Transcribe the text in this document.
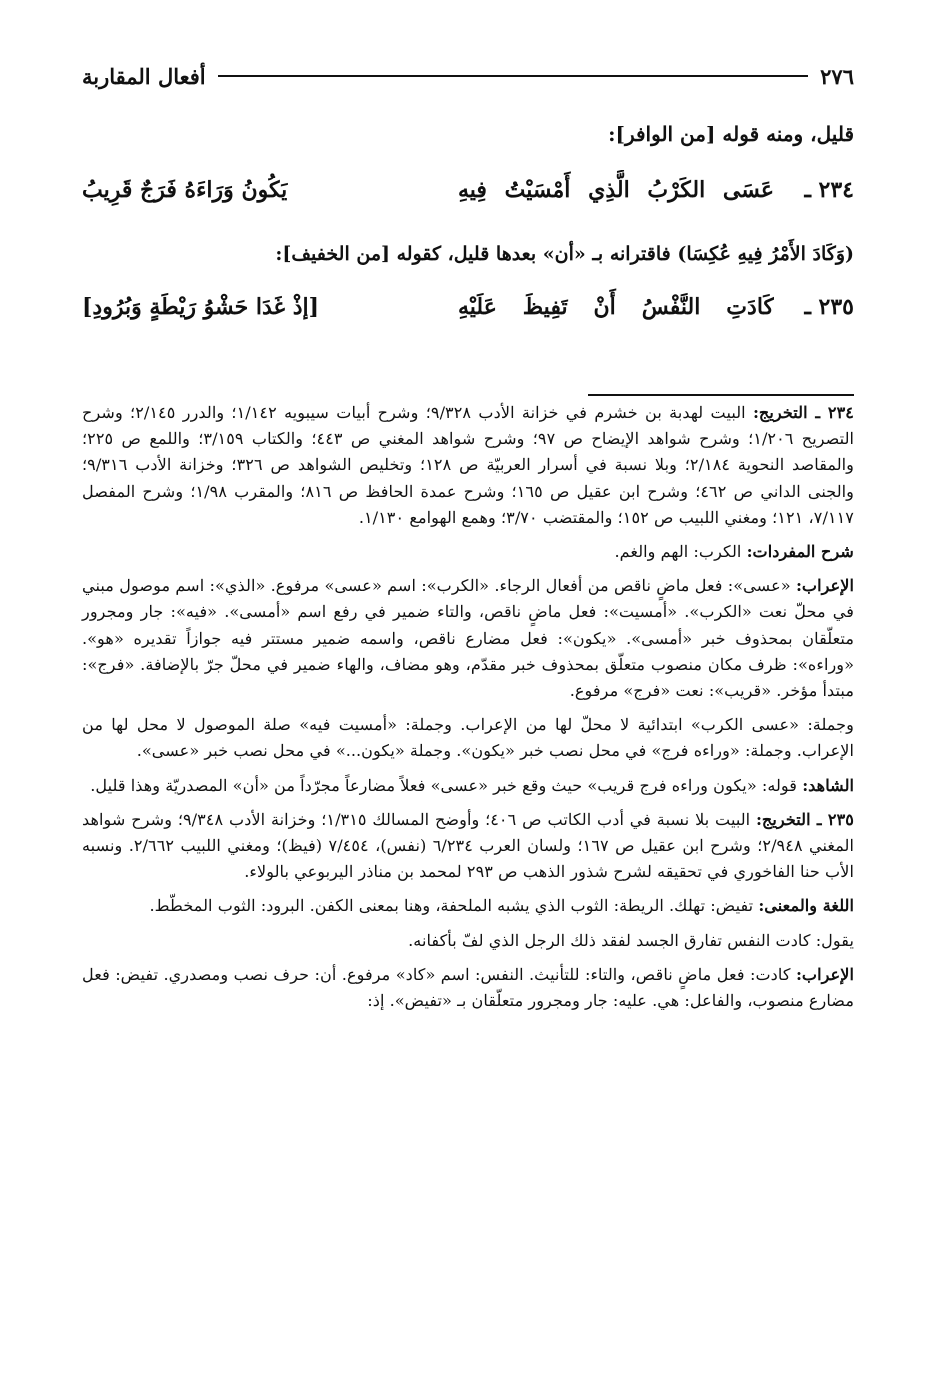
٢٧٦
أفعال المقاربة
قليل، ومنه قوله [من الوافر]:
٢٣٤ ـ
عَسَى الكَرْبُ الَّذِي أَمْسَيْتُ فِيهِ
يَكُونُ وَرَاءَهُ فَرَجٌ قَرِيبُ
(وَكَادَ الأَمْرُ فِيهِ عُكِسَا) فاقترانه بـ «أن» بعدها قليل، كقوله [من الخفيف]:
٢٣٥ ـ
كَادَتِ النَّفْسُ أَنْ تَفِيظَ عَلَيْهِ
[إذْ غَدَا حَشْوُ رَيْطَةٍ وَبُرُودِ]

٢٣٤ ـ التخريج: البيت لهدبة بن خشرم في خزانة الأدب ٩/٣٢٨؛ وشرح أبيات سيبويه ١/١٤٢؛ والدرر ٢/١٤٥؛ وشرح التصريح ١/٢٠٦؛ وشرح شواهد الإيضاح ص ٩٧؛ وشرح شواهد المغني ص ٤٤٣؛ والكتاب ٣/١٥٩؛ واللمع ص ٢٢٥؛ والمقاصد النحوية ٢/١٨٤؛ وبلا نسبة في أسرار العربيّة ص ١٢٨؛ وتخليص الشواهد ص ٣٢٦؛ وخزانة الأدب ٩/٣١٦؛ والجنى الداني ص ٤٦٢؛ وشرح ابن عقيل ص ١٦٥؛ وشرح عمدة الحافظ ص ٨١٦؛ والمقرب ١/٩٨؛ وشرح المفصل ٧/١١٧، ١٢١؛ ومغني اللبيب ص ١٥٢؛ والمقتضب ٣/٧٠؛ وهمع الهوامع ١/١٣٠.

شرح المفردات: الكرب: الهم والغم.

الإعراب: «عسى»: فعل ماضٍ ناقص من أفعال الرجاء. «الكرب»: اسم «عسى» مرفوع. «الذي»: اسم موصول مبني في محلّ نعت «الكرب». «أمسيت»: فعل ماضٍ ناقص، والتاء ضمير في رفع اسم «أمسى». «فيه»: جار ومجرور متعلّقان بمحذوف خبر «أمسى». «يكون»: فعل مضارع ناقص، واسمه ضمير مستتر فيه جوازاً تقديره «هو». «وراءه»: ظرف مكان منصوب متعلّق بمحذوف خبر مقدّم، وهو مضاف، والهاء ضمير في محلّ جرّ بالإضافة. «فرج»: مبتدأ مؤخر. «قريب»: نعت «فرج» مرفوع.

وجملة: «عسى الكرب» ابتدائية لا محلّ لها من الإعراب. وجملة: «أمسيت فيه» صلة الموصول لا محل لها من الإعراب. وجملة: «وراءه فرج» في محل نصب خبر «يكون». وجملة «يكون...» في محل نصب خبر «عسى».

الشاهد: قوله: «يكون وراءه فرج قريب» حيث وقع خبر «عسى» فعلاً مضارعاً مجرّداً من «أن» المصدريّة وهذا قليل.

٢٣٥ ـ التخريج: البيت بلا نسبة في أدب الكاتب ص ٤٠٦؛ وأوضح المسالك ١/٣١٥؛ وخزانة الأدب ٩/٣٤٨؛ وشرح شواهد المغني ٢/٩٤٨؛ وشرح ابن عقيل ص ١٦٧؛ ولسان العرب ٦/٢٣٤ (نفس)، ٧/٤٥٤ (فيظ)؛ ومغني اللبيب ٢/٦٦٢. ونسبه الأب حنا الفاخوري في تحقيقه لشرح شذور الذهب ص ٢٩٣ لمحمد بن مناذر اليربوعي بالولاء.

اللغة والمعنى: تفيض: تهلك. الريطة: الثوب الذي يشبه الملحفة، وهنا بمعنى الكفن. البرود: الثوب المخطّط.

يقول: كادت النفس تفارق الجسد لفقد ذلك الرجل الذي لفّ بأكفانه.

الإعراب: كادت: فعل ماضٍ ناقص، والتاء: للتأنيث. النفس: اسم «كاد» مرفوع. أن: حرف نصب ومصدري. تفيض: فعل مضارع منصوب، والفاعل: هي. عليه: جار ومجرور متعلّقان بـ «تفيض». إذ:
